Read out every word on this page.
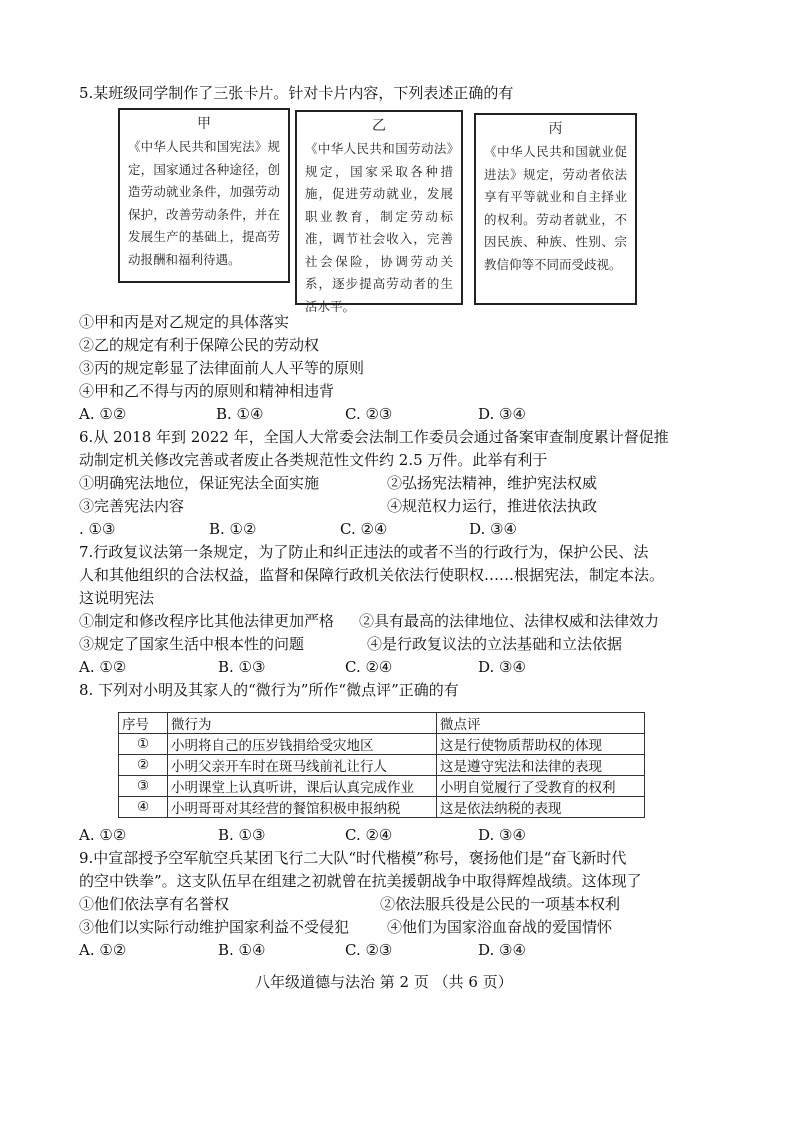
5.某班级同学制作了三张卡片。针对卡片内容，下列表述正确的有
甲
《中华人民共和国宪法》规定，国家通过各种途径，创造劳动就业条件，加强劳动保护，改善劳动条件，并在发展生产的基础上，提高劳动报酬和福利待遇。
乙
《中华人民共和国劳动法》规定，国家采取各种措施，促进劳动就业，发展职业教育，制定劳动标准，调节社会收入，完善社会保险，协调劳动关系，逐步提高劳动者的生活水平。
丙
《中华人民共和国就业促进法》规定，劳动者依法享有平等就业和自主择业的权利。劳动者就业，不因民族、种族、性别、宗教信仰等不同而受歧视。
①甲和丙是对乙规定的具体落实
②乙的规定有利于保障公民的劳动权
③丙的规定彰显了法律面前人人平等的原则
④甲和乙不得与丙的原则和精神相违背
A. ①②	B. ①④	C. ②③	D. ③④
6.从 2018 年到 2022 年，全国人大常委会法制工作委员会通过备案审查制度累计督促推
动制定机关修改完善或者废止各类规范性文件约 2.5 万件。此举有利于
①明确宪法地位，保证宪法全面实施	②弘扬宪法精神，维护宪法权威
③完善宪法内容	④规范权力运行，推进依法执政
. ①③	B. ①②	C. ②④	D. ③④
7.行政复议法第一条规定，为了防止和纠正违法的或者不当的行政行为，保护公民、法
人和其他组织的合法权益，监督和保障行政机关依法行使职权……根据宪法，制定本法。
这说明宪法
①制定和修改程序比其他法律更加严格 ②具有最高的法律地位、法律权威和法律效力
③规定了国家生活中根本性的问题	④是行政复议法的立法基础和立法依据
A. ①②	B. ①③	C. ②④	D. ③④
8. 下列对小明及其家人的“微行为”所作“微点评”正确的有
序号	微行为	微点评
①	小明将自己的压岁钱捐给受灾地区	这是行使物质帮助权的体现
②	小明父亲开车时在斑马线前礼让行人	这是遵守宪法和法律的表现
③	小明课堂上认真听讲，课后认真完成作业	小明自觉履行了受教育的权利
④	小明哥哥对其经营的餐馆积极申报纳税	这是依法纳税的表现
A. ①②	B. ①③	C. ②④	D. ③④
9.中宣部授予空军航空兵某团飞行二大队“时代楷模”称号，褒扬他们是“奋飞新时代
的空中铁拳”。这支队伍早在组建之初就曾在抗美援朝战争中取得辉煌战绩。这体现了
①他们依法享有名誉权	②依法服兵役是公民的一项基本权利
③他们以实际行动维护国家利益不受侵犯	④他们为国家浴血奋战的爱国情怀
A. ①②	B. ①④	C. ②③	D. ③④
八年级道德与法治 第 2 页 （共 6 页）
